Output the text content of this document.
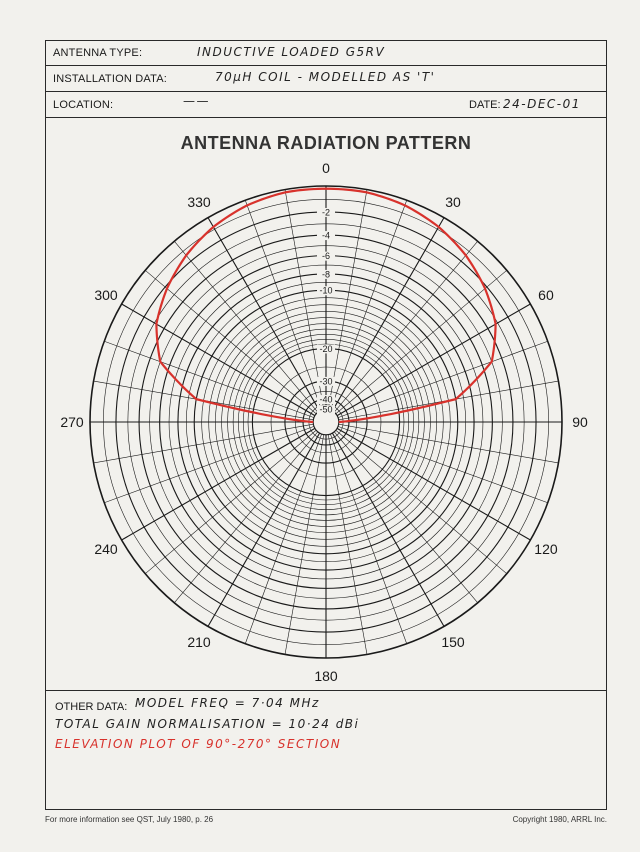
ANTENNA TYPE:	INDUCTIVE LOADED G5RV
INSTALLATION DATA:	70μH COIL - MODELLED AS 'T'
LOCATION:	——	DATE: 24-DEC-01
ANTENNA RADIATION PATTERN
0
30
60
90
120
150
180
210
240
270
300
330
-2
-4
-6
-8
-10
-20
-30
-40
-50
OTHER DATA: MODEL FREQ = 7·04 MHz
TOTAL GAIN NORMALISATION = 10·24 dBi
ELEVATION PLOT OF 90°-270° SECTION
For more information see QST, July 1980, p. 26	Copyright 1980, ARRL Inc.
